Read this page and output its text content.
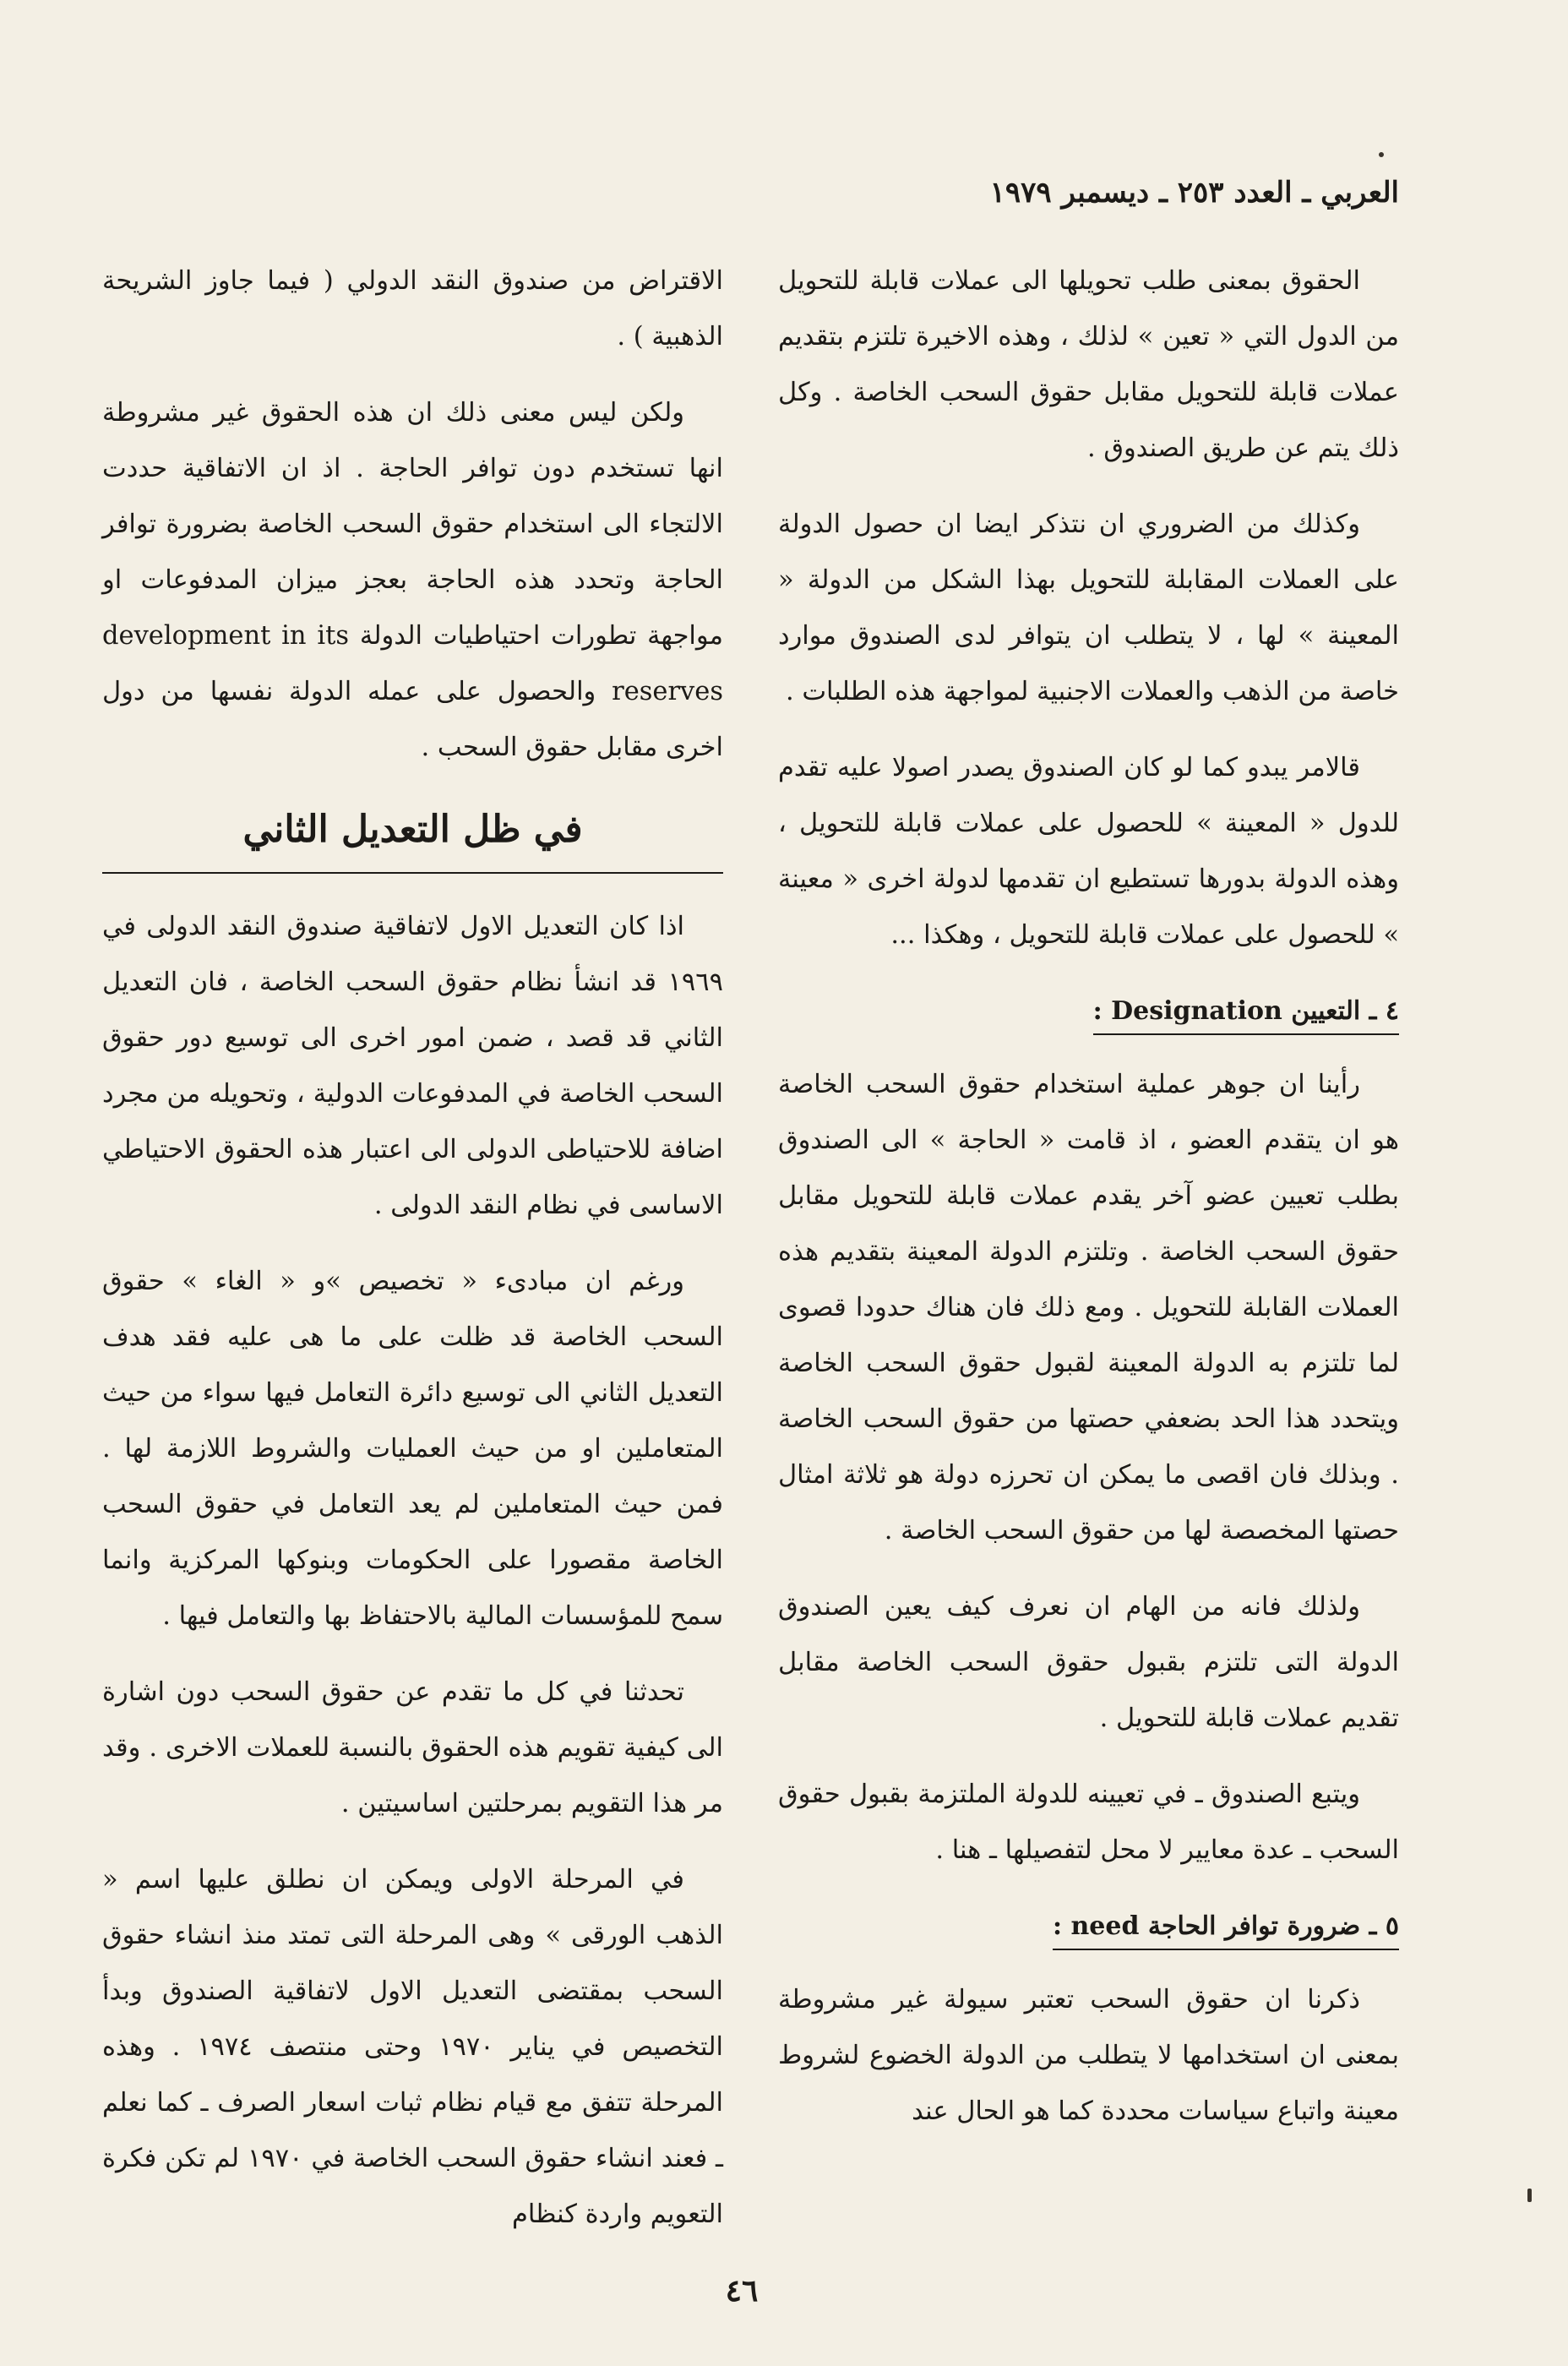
العربي ـ العدد ٢٥٣ ـ ديسمبر ١٩٧٩

الحقوق بمعنى طلب تحويلها الى عملات قابلة للتحويل من الدول التي « تعين » لذلك ، وهذه الاخيرة تلتزم بتقديم عملات قابلة للتحويل مقابل حقوق السحب الخاصة . وكل ذلك يتم عن طريق الصندوق .

وكذلك من الضروري ان نتذكر ايضا ان حصول الدولة على العملات المقابلة للتحويل بهذا الشكل من الدولة « المعينة » لها ، لا يتطلب ان يتوافر لدى الصندوق موارد خاصة من الذهب والعملات الاجنبية لمواجهة هذه الطلبات .

قالامر يبدو كما لو كان الصندوق يصدر اصولا عليه تقدم للدول « المعينة » للحصول على عملات قابلة للتحويل ، وهذه الدولة بدورها تستطيع ان تقدمها لدولة اخرى « معينة » للحصول على عملات قابلة للتحويل ، وهكذا ...

٤ ـ التعيين Designation :

رأينا ان جوهر عملية استخدام حقوق السحب الخاصة هو ان يتقدم العضو ، اذ قامت « الحاجة » الى الصندوق بطلب تعيين عضو آخر يقدم عملات قابلة للتحويل مقابل حقوق السحب الخاصة . وتلتزم الدولة المعينة بتقديم هذه العملات القابلة للتحويل . ومع ذلك فان هناك حدودا قصوى لما تلتزم به الدولة المعينة لقبول حقوق السحب الخاصة ويتحدد هذا الحد بضعفي حصتها من حقوق السحب الخاصة . وبذلك فان اقصى ما يمكن ان تحرزه دولة هو ثلاثة امثال حصتها المخصصة لها من حقوق السحب الخاصة .

ولذلك فانه من الهام ان نعرف كيف يعين الصندوق الدولة التى تلتزم بقبول حقوق السحب الخاصة مقابل تقديم عملات قابلة للتحويل .

ويتبع الصندوق ـ في تعيينه للدولة الملتزمة بقبول حقوق السحب ـ عدة معايير لا محل لتفصيلها ـ هنا .

٥ ـ ضرورة توافر الحاجة need :

ذكرنا ان حقوق السحب تعتبر سيولة غير مشروطة بمعنى ان استخدامها لا يتطلب من الدولة الخضوع لشروط معينة واتباع سياسات محددة كما هو الحال عند

الاقتراض من صندوق النقد الدولي ( فيما جاوز الشريحة الذهبية ) .

ولكن ليس معنى ذلك ان هذه الحقوق غير مشروطة انها تستخدم دون توافر الحاجة . اذ ان الاتفاقية حددت الالتجاء الى استخدام حقوق السحب الخاصة بضرورة توافر الحاجة وتحدد هذه الحاجة بعجز ميزان المدفوعات او مواجهة تطورات احتياطيات الدولة development in its reserves والحصول على عمله الدولة نفسها من دول اخرى مقابل حقوق السحب .

في ظل التعديل الثاني

اذا كان التعديل الاول لاتفاقية صندوق النقد الدولى في ١٩٦٩ قد انشأ نظام حقوق السحب الخاصة ، فان التعديل الثاني قد قصد ، ضمن امور اخرى الى توسيع دور حقوق السحب الخاصة في المدفوعات الدولية ، وتحويله من مجرد اضافة للاحتياطى الدولى الى اعتبار هذه الحقوق الاحتياطي الاساسى في نظام النقد الدولى .

ورغم ان مبادىء « تخصيص »و « الغاء » حقوق السحب الخاصة قد ظلت على ما هى عليه فقد هدف التعديل الثاني الى توسيع دائرة التعامل فيها سواء من حيث المتعاملين او من حيث العمليات والشروط اللازمة لها . فمن حيث المتعاملين لم يعد التعامل في حقوق السحب الخاصة مقصورا على الحكومات وبنوكها المركزية وانما سمح للمؤسسات المالية بالاحتفاظ بها والتعامل فيها .

تحدثنا في كل ما تقدم عن حقوق السحب دون اشارة الى كيفية تقويم هذه الحقوق بالنسبة للعملات الاخرى . وقد مر هذا التقويم بمرحلتين اساسيتين .

في المرحلة الاولى ويمكن ان نطلق عليها اسم « الذهب الورقى » وهى المرحلة التى تمتد منذ انشاء حقوق السحب بمقتضى التعديل الاول لاتفاقية الصندوق وبدأ التخصيص في يناير ١٩٧٠ وحتى منتصف ١٩٧٤ . وهذه المرحلة تتفق مع قيام نظام ثبات اسعار الصرف ـ كما نعلم ـ فعند انشاء حقوق السحب الخاصة في ١٩٧٠ لم تكن فكرة التعويم واردة كنظام

٤٦
